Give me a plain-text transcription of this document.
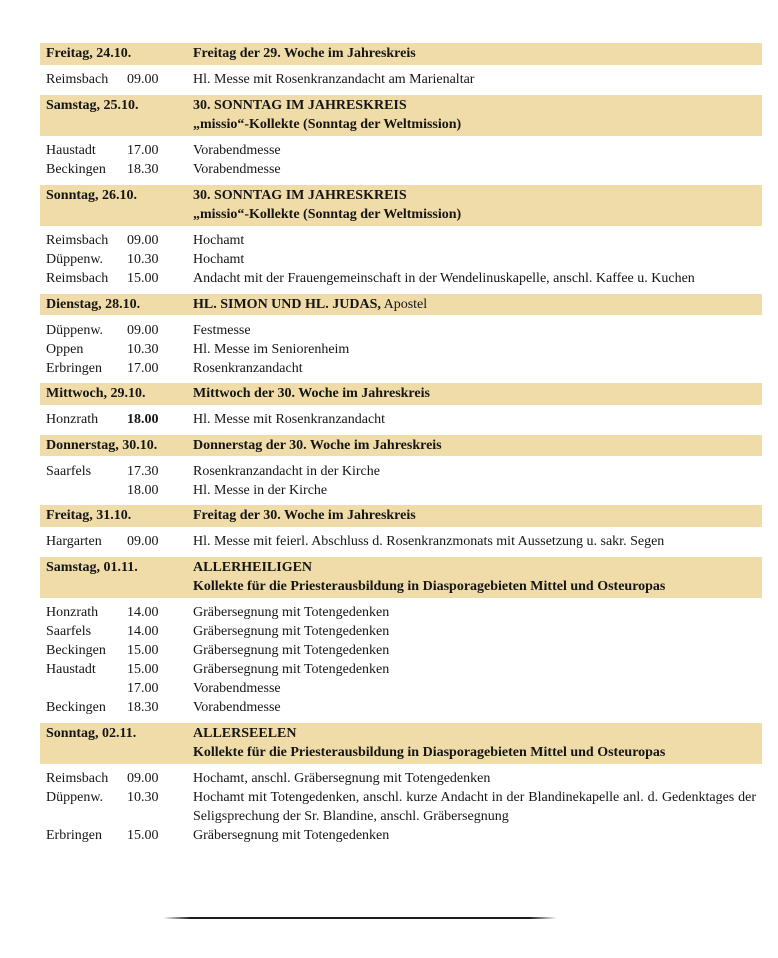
Freitag, 24.10.	Freitag der 29. Woche im Jahreskreis
Reimsbach	09.00	Hl. Messe mit Rosenkranzandacht am Marienaltar
Samstag, 25.10.	30. SONNTAG IM JAHRESKREIS
„missio“-Kollekte (Sonntag der Weltmission)
Haustadt	17.00	Vorabendmesse
Beckingen	18.30	Vorabendmesse
Sonntag, 26.10.	30. SONNTAG IM JAHRESKREIS
„missio“-Kollekte (Sonntag der Weltmission)
Reimsbach	09.00	Hochamt
Düppenw.	10.30	Hochamt
Reimsbach	15.00	Andacht mit der Frauengemeinschaft in der Wendelinuskapelle, anschl. Kaffee u. Kuchen
Dienstag, 28.10.	HL. SIMON UND HL. JUDAS, Apostel
Düppenw.	09.00	Festmesse
Oppen	10.30	Hl. Messe im Seniorenheim
Erbringen	17.00	Rosenkranzandacht
Mittwoch, 29.10.	Mittwoch der 30. Woche im Jahreskreis
Honzrath	18.00	Hl. Messe mit Rosenkranzandacht
Donnerstag, 30.10.	Donnerstag der 30. Woche im Jahreskreis
Saarfels	17.30	Rosenkranzandacht in der Kirche
18.00	Hl. Messe in der Kirche
Freitag, 31.10.	Freitag der 30. Woche im Jahreskreis
Hargarten	09.00	Hl. Messe mit feierl. Abschluss d. Rosenkranzmonats mit Aussetzung u. sakr. Segen
Samstag, 01.11.	ALLERHEILIGEN
Kollekte für die Priesterausbildung in Diasporagebieten Mittel und Osteuropas
Honzrath	14.00	Gräbersegnung mit Totengedenken
Saarfels	14.00	Gräbersegnung mit Totengedenken
Beckingen	15.00	Gräbersegnung mit Totengedenken
Haustadt	15.00	Gräbersegnung mit Totengedenken
17.00	Vorabendmesse
Beckingen	18.30	Vorabendmesse
Sonntag, 02.11.	ALLERSEELEN
Kollekte für die Priesterausbildung in Diasporagebieten Mittel und Osteuropas
Reimsbach	09.00	Hochamt, anschl. Gräbersegnung mit Totengedenken
Düppenw.	10.30	Hochamt mit Totengedenken, anschl. kurze Andacht in der Blandinekapelle anl. d. Gedenktages der Seligsprechung der Sr. Blandine, anschl. Gräbersegnung
Erbringen	15.00	Gräbersegnung mit Totengedenken
